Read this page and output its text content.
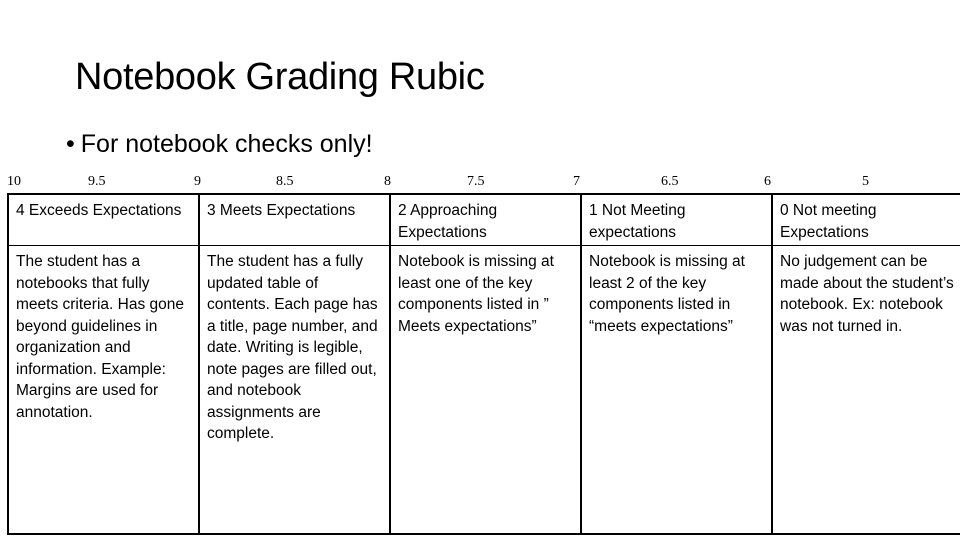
Notebook Grading Rubic
• For notebook checks only!
10	9.5	9	8.5	8	7.5	7	6.5	6	5
4 Exceeds Expectations	3 Meets Expectations	2 Approaching Expectations	1 Not Meeting expectations	0 Not meeting Expectations
The student has a notebooks that fully meets criteria. Has gone beyond guidelines in organization and information. Example: Margins are used for annotation.	The student has a fully updated table of contents. Each page has a title, page number, and date. Writing is legible, note pages are filled out, and notebook assignments are complete.	Notebook is missing at least one of the key components listed in ” Meets expectations”	Notebook is missing at least 2 of the key components listed in “meets expectations”	No judgement can be made about the student’s notebook. Ex: notebook was not turned in.
